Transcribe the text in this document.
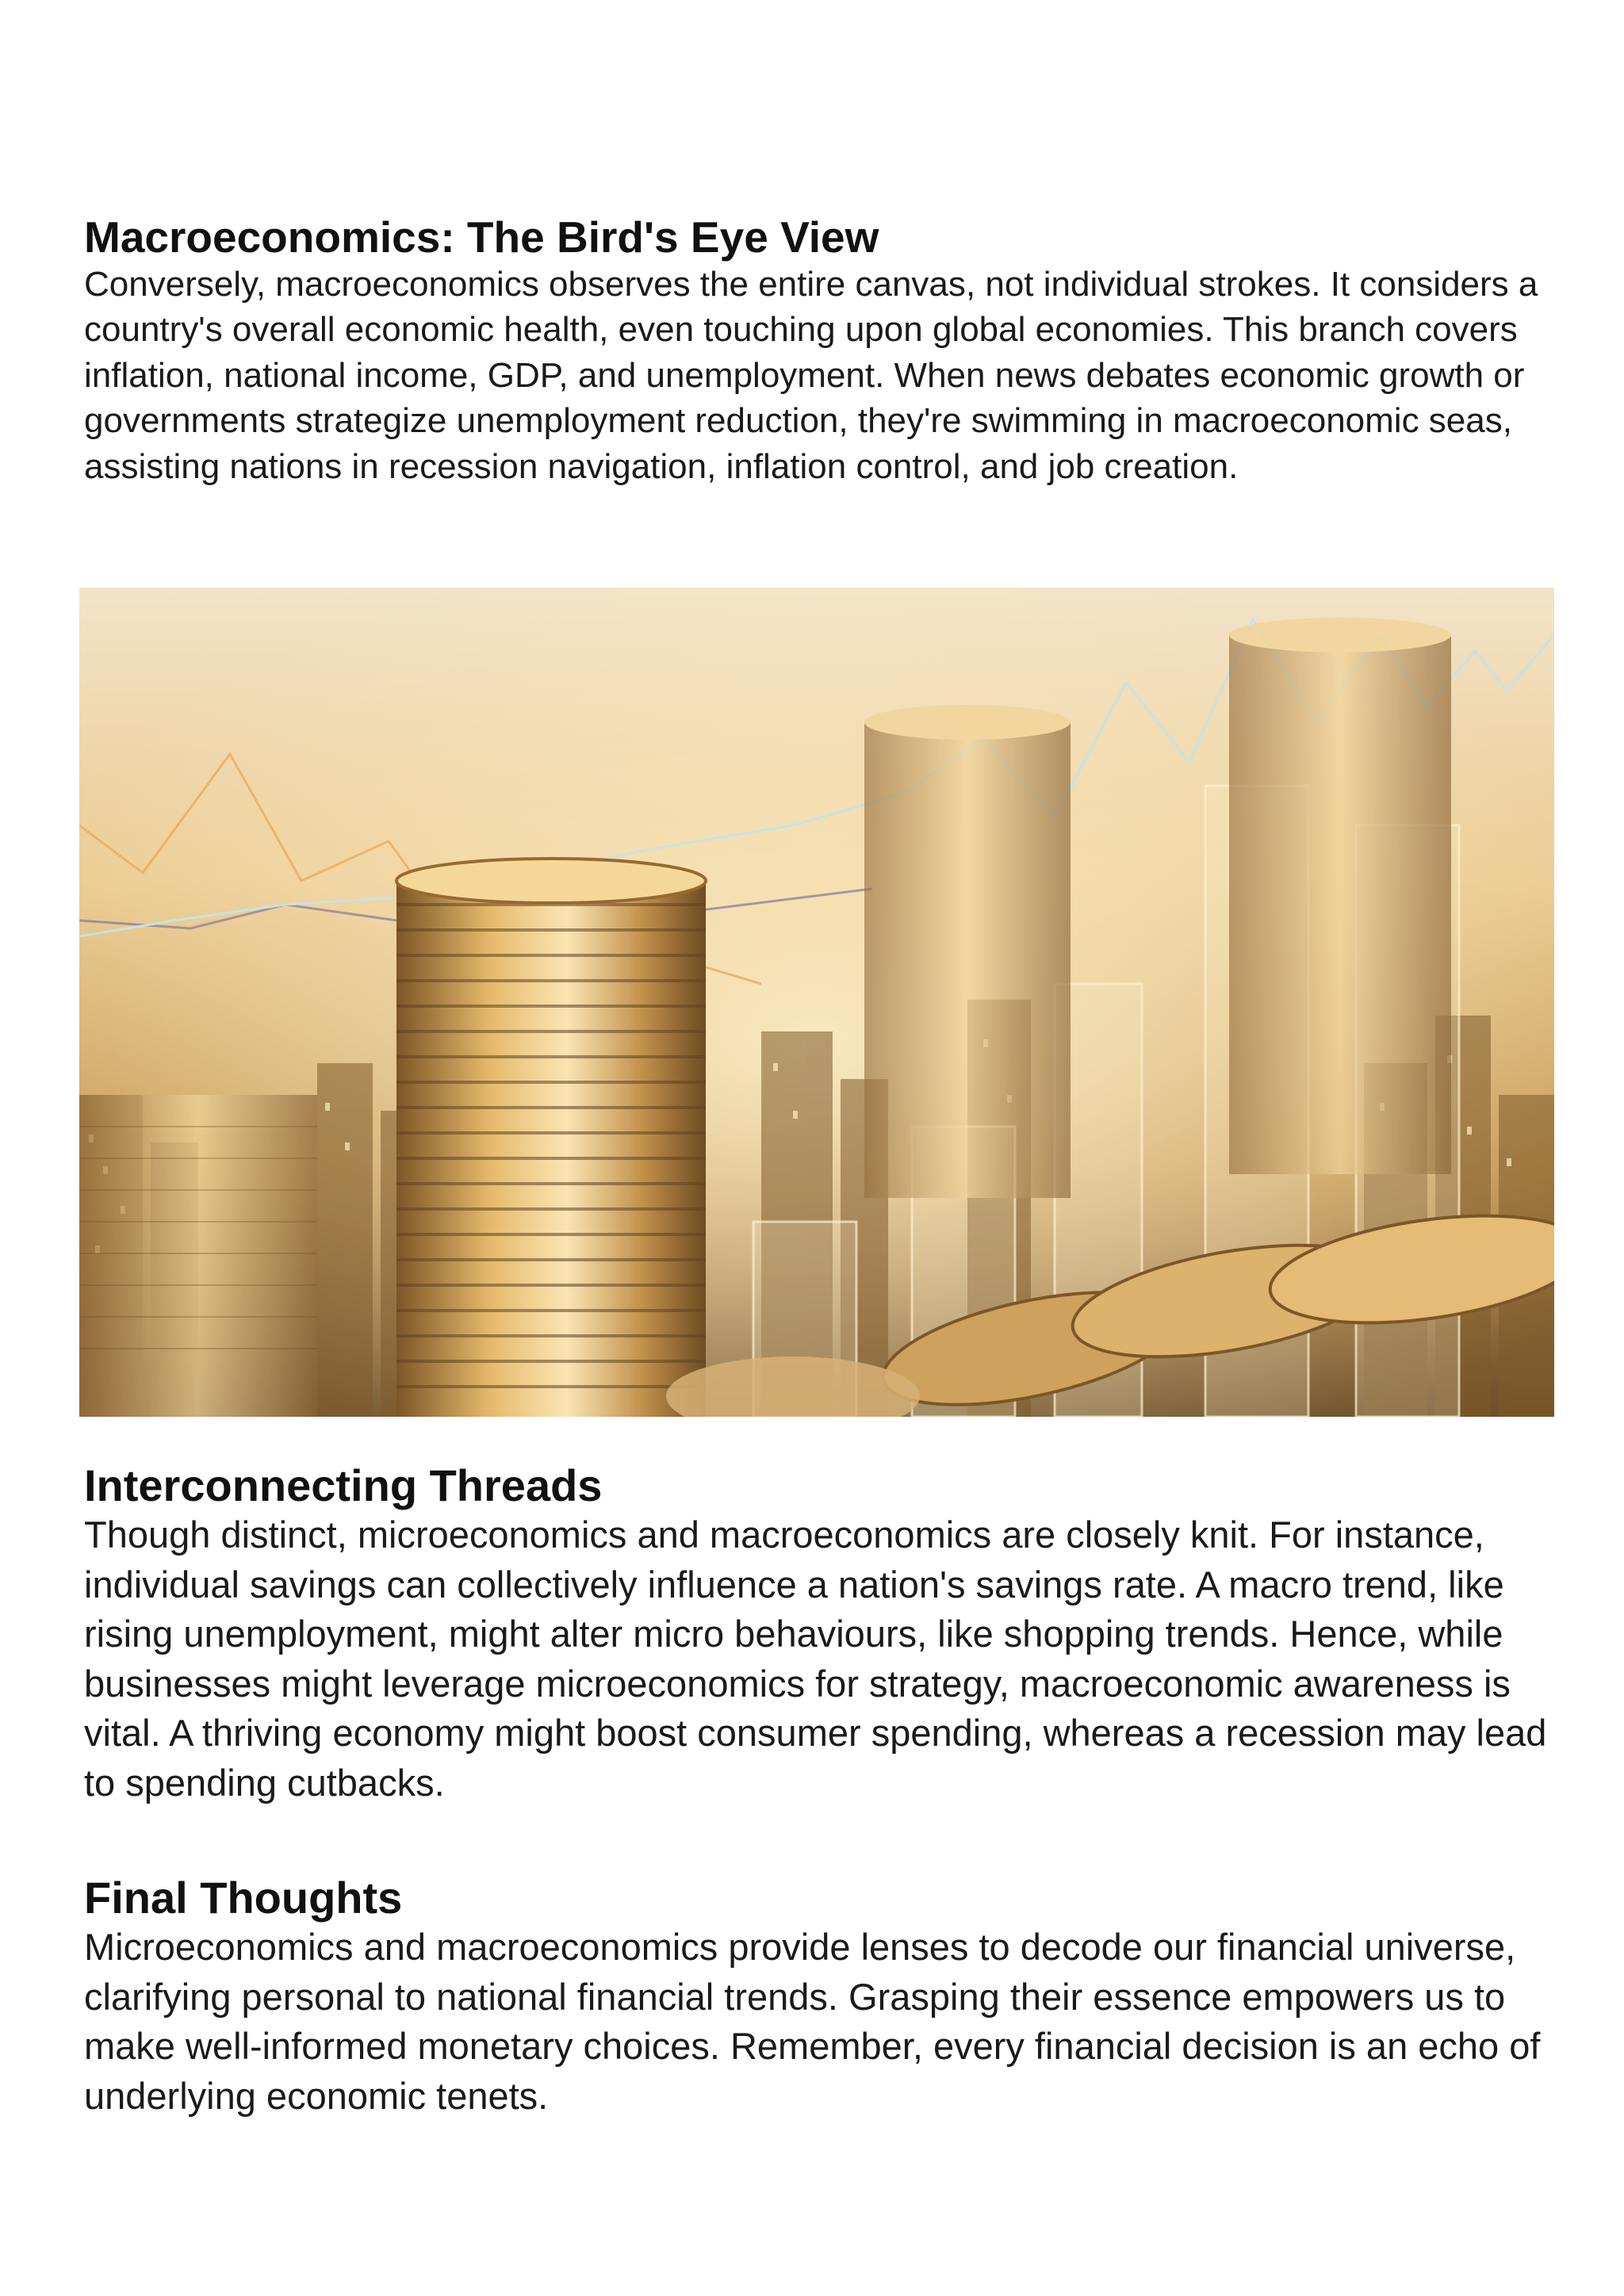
Macroeconomics: The Bird's Eye View

Conversely, macroeconomics observes the entire canvas, not individual strokes. It considers a country's overall economic health, even touching upon global economies. This branch covers inflation, national income, GDP, and unemployment. When news debates economic growth or governments strategize unemployment reduction, they're swimming in macroeconomic seas, assisting nations in recession navigation, inflation control, and job creation.

Interconnecting Threads

Though distinct, microeconomics and macroeconomics are closely knit. For instance, individual savings can collectively influence a nation's savings rate. A macro trend, like rising unemployment, might alter micro behaviours, like shopping trends. Hence, while businesses might leverage microeconomics for strategy, macroeconomic awareness is vital. A thriving economy might boost consumer spending, whereas a recession may lead to spending cutbacks.

Final Thoughts

Microeconomics and macroeconomics provide lenses to decode our financial universe, clarifying personal to national financial trends. Grasping their essence empowers us to make well-informed monetary choices. Remember, every financial decision is an echo of underlying economic tenets.
